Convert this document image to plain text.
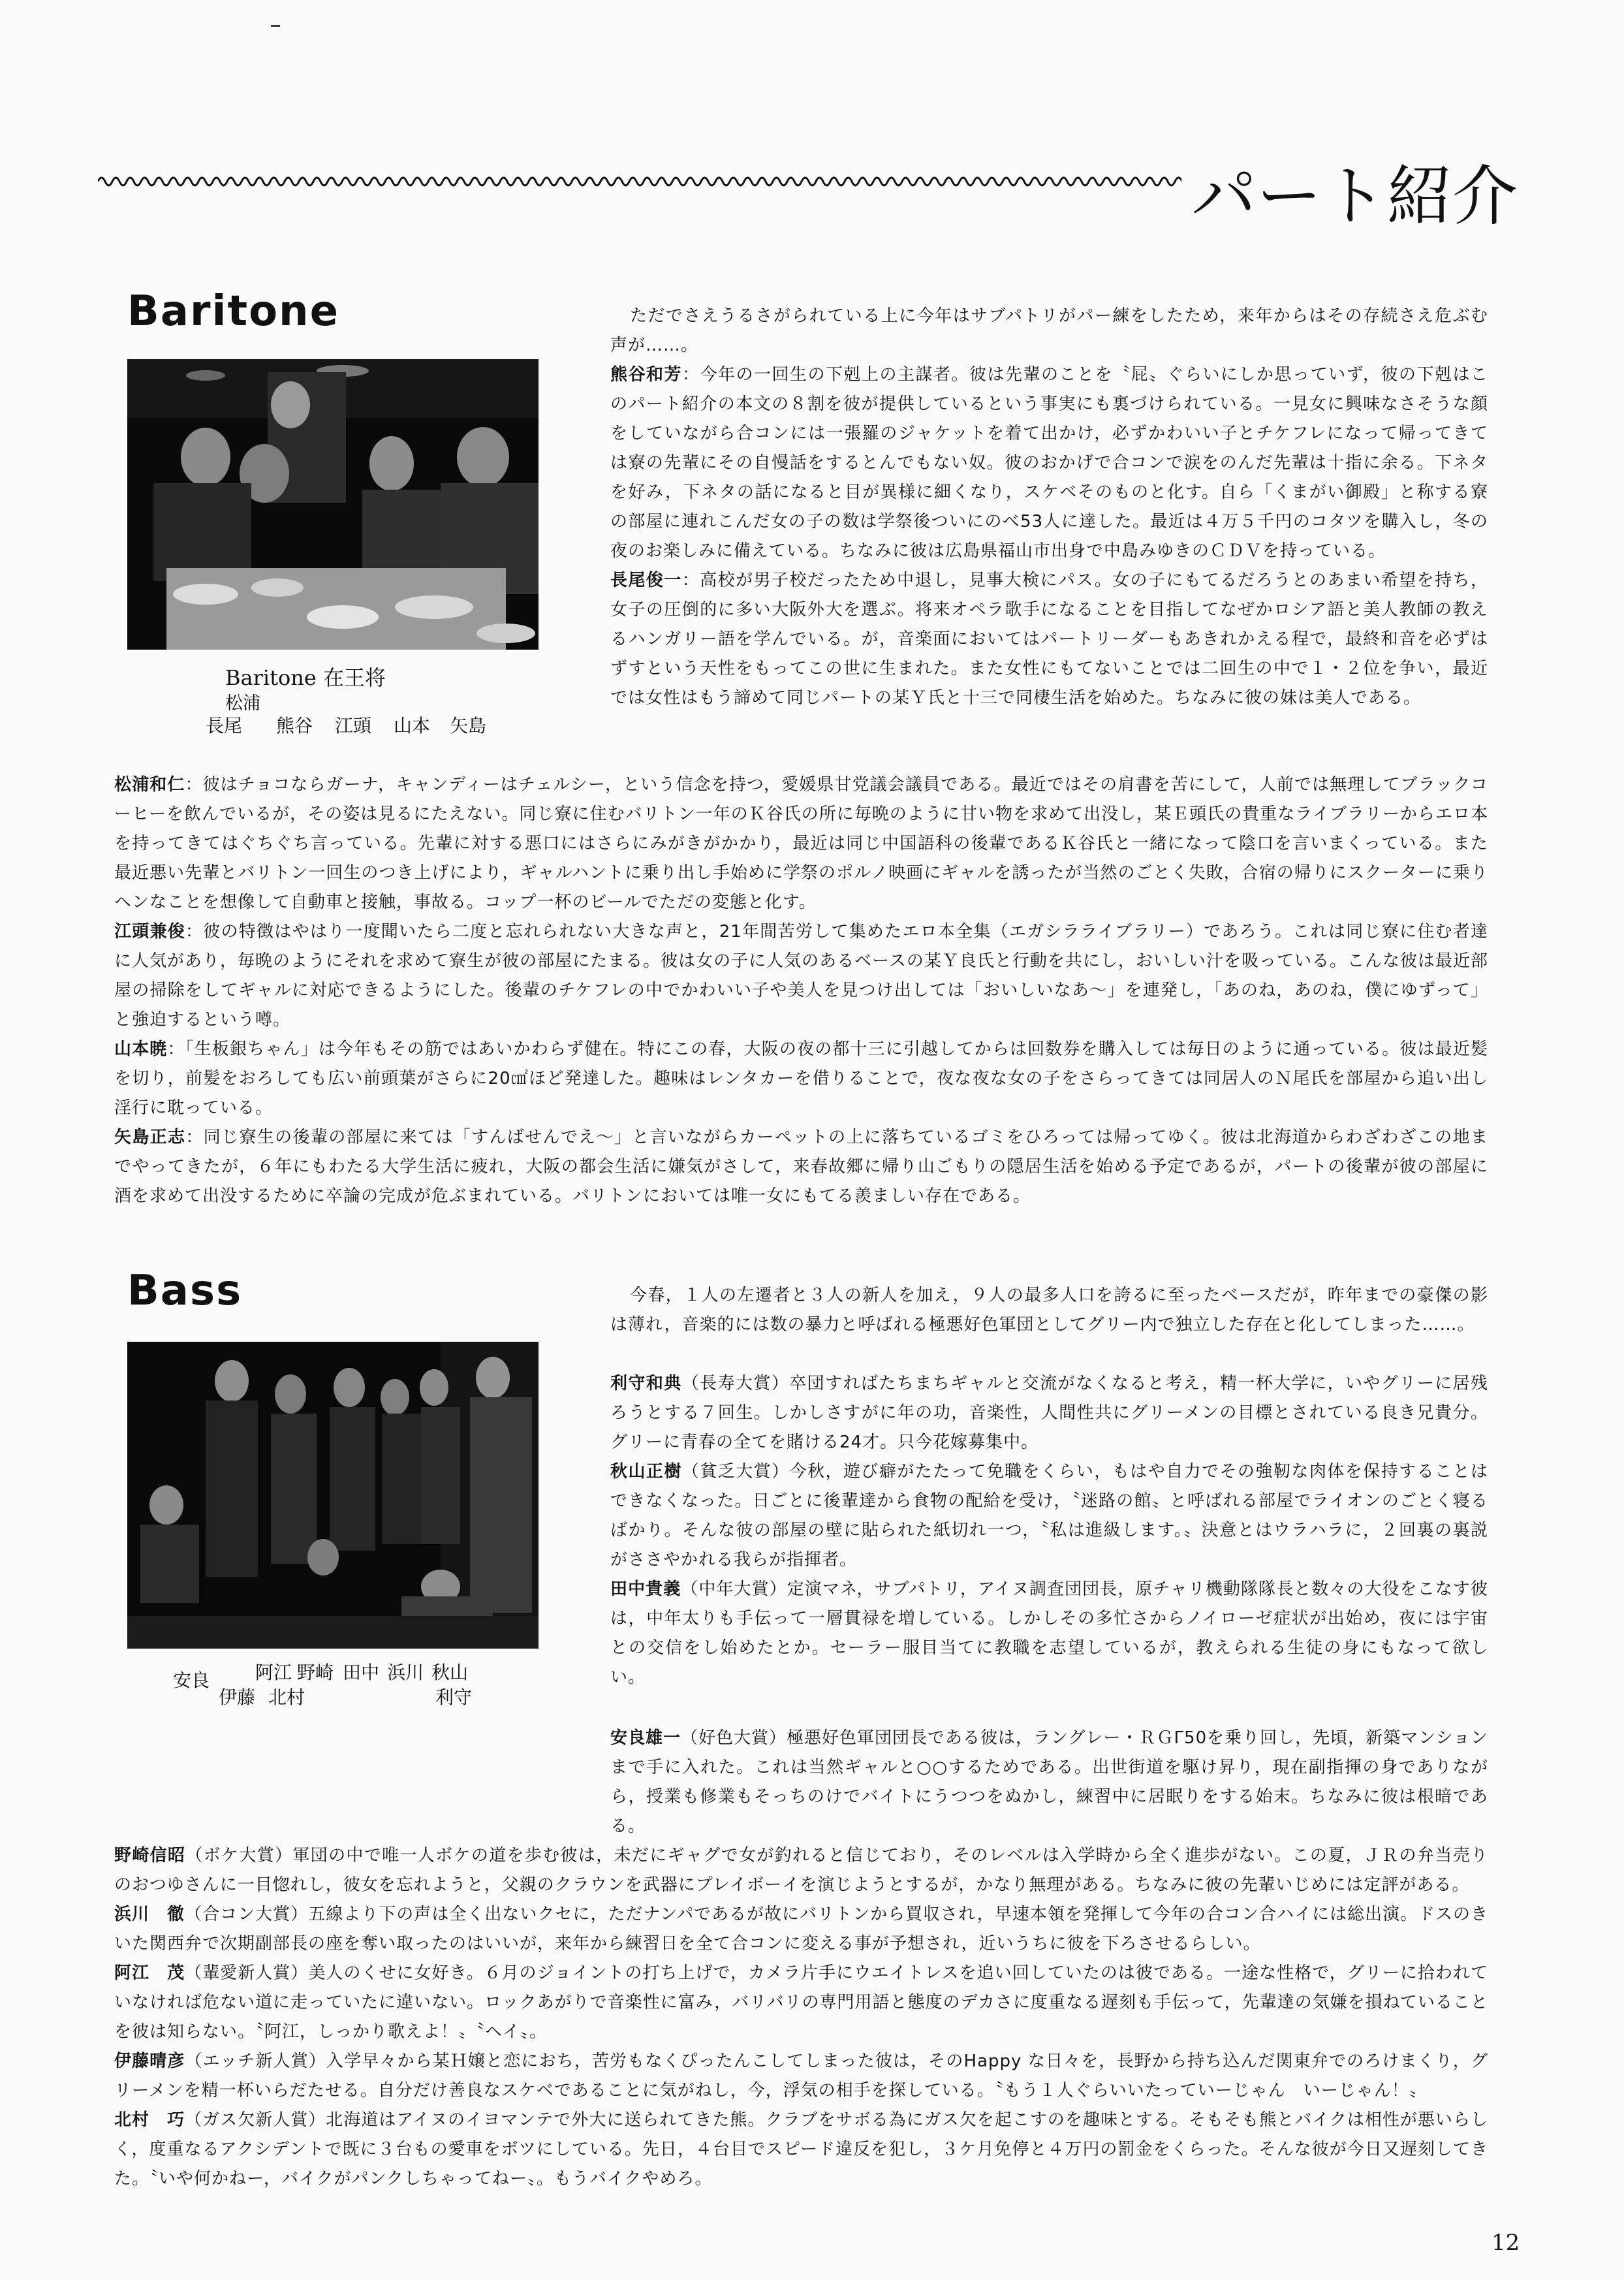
パート紹介
Baritone
Baritone 在王将
松浦
長尾 熊谷 江頭 山本 矢島

ただでさえうるさがられている上に今年はサブパトリがパー練をしたため，来年からはその存続さえ危ぶむ声が……。

熊谷和芳：今年の一回生の下剋上の主謀者。彼は先輩のことを〝屁〟ぐらいにしか思っていず，彼の下剋はこのパート紹介の本文の８割を彼が提供しているという事実にも裏づけられている。一見女に興味なさそうな顔をしていながら合コンには一張羅のジャケットを着て出かけ，必ずかわいい子とチケフレになって帰ってきては寮の先輩にその自慢話をするとんでもない奴。彼のおかげで合コンで涙をのんだ先輩は十指に余る。下ネタを好み，下ネタの話になると目が異様に細くなり，スケベそのものと化す。自ら「くまがい御殿」と称する寮の部屋に連れこんだ女の子の数は学祭後ついにのべ53人に達した。最近は４万５千円のコタツを購入し，冬の夜のお楽しみに備えている。ちなみに彼は広島県福山市出身で中島みゆきのＣＤＶを持っている。
長尾俊一：高校が男子校だったため中退し，見事大検にパス。女の子にもてるだろうとのあまい希望を持ち，女子の圧倒的に多い大阪外大を選ぶ。将来オペラ歌手になることを目指してなぜかロシア語と美人教師の教えるハンガリー語を学んでいる。が，音楽面においてはパートリーダーもあきれかえる程で，最終和音を必ずはずすという天性をもってこの世に生まれた。また女性にもてないことでは二回生の中で１・２位を争い，最近では女性はもう諦めて同じパートの某Ｙ氏と十三で同棲生活を始めた。ちなみに彼の妹は美人である。
松浦和仁：彼はチョコならガーナ，キャンディーはチェルシー，という信念を持つ，愛媛県甘党議会議員である。最近ではその肩書を苦にして，人前では無理してブラックコーヒーを飲んでいるが，その姿は見るにたえない。同じ寮に住むバリトン一年のＫ谷氏の所に毎晩のように甘い物を求めて出没し，某Ｅ頭氏の貴重なライブラリーからエロ本を持ってきてはぐちぐち言っている。先輩に対する悪口にはさらにみがきがかかり，最近は同じ中国語科の後輩であるＫ谷氏と一緒になって陰口を言いまくっている。また最近悪い先輩とバリトン一回生のつき上げにより，ギャルハントに乗り出し手始めに学祭のポルノ映画にギャルを誘ったが当然のごとく失敗，合宿の帰りにスクーターに乗りヘンなことを想像して自動車と接触，事故る。コップ一杯のビールでただの変態と化す。
江頭兼俊：彼の特徴はやはり一度聞いたら二度と忘れられない大きな声と，21年間苦労して集めたエロ本全集（エガシラライブラリー）であろう。これは同じ寮に住む者達に人気があり，毎晩のようにそれを求めて寮生が彼の部屋にたまる。彼は女の子に人気のあるベースの某Ｙ良氏と行動を共にし，おいしい汁を吸っている。こんな彼は最近部屋の掃除をしてギャルに対応できるようにした。後輩のチケフレの中でかわいい子や美人を見つけ出しては「おいしいなあ～」を連発し，「あのね，あのね，僕にゆずって」と強迫するという噂。
山本暁：「生板銀ちゃん」は今年もその筋ではあいかわらず健在。特にこの春，大阪の夜の都十三に引越してからは回数券を購入しては毎日のように通っている。彼は最近髪を切り，前髪をおろしても広い前頭葉がさらに20㎠ほど発達した。趣味はレンタカーを借りることで，夜な夜な女の子をさらってきては同居人のＮ尾氏を部屋から追い出し淫行に耽っている。
矢島正志：同じ寮生の後輩の部屋に来ては「すんばせんでえ～」と言いながらカーペットの上に落ちているゴミをひろっては帰ってゆく。彼は北海道からわざわざこの地までやってきたが，６年にもわたる大学生活に疲れ，大阪の都会生活に嫌気がさして，来春故郷に帰り山ごもりの隠居生活を始める予定であるが，パートの後輩が彼の部屋に酒を求めて出没するために卒論の完成が危ぶまれている。バリトンにおいては唯一女にもてる羨ましい存在である。
Bass
安良	阿江 野崎 田中 浜川 秋山
伊藤 北村	利守

今春，１人の左遷者と３人の新人を加え，９人の最多人口を誇るに至ったベースだが，昨年までの豪傑の影は薄れ，音楽的には数の暴力と呼ばれる極悪好色軍団としてグリー内で独立した存在と化してしまった……。

利守和典（長寿大賞）卒団すればたちまちギャルと交流がなくなると考え，精一杯大学に，いやグリーに居残ろうとする７回生。しかしさすがに年の功，音楽性，人間性共にグリーメンの目標とされている良き兄貴分。グリーに青春の全てを賭ける24才。只今花嫁募集中。
秋山正樹（貧乏大賞）今秋，遊び癖がたたって免職をくらい，もはや自力でその強靭な肉体を保持することはできなくなった。日ごとに後輩達から食物の配給を受け，〝迷路の館〟と呼ばれる部屋でライオンのごとく寝るばかり。そんな彼の部屋の壁に貼られた紙切れ一つ，〝私は進級します。〟決意とはウラハラに，２回裏の裏説がささやかれる我らが指揮者。
田中貴義（中年大賞）定演マネ，サブパトリ，アイヌ調査団団長，原チャリ機動隊隊長と数々の大役をこなす彼は，中年太りも手伝って一層貫禄を増している。しかしその多忙さからノイローゼ症状が出始め，夜には宇宙との交信をし始めたとか。セーラー服目当てに教職を志望しているが，教えられる生徒の身にもなって欲しい。
安良雄一（好色大賞）極悪好色軍団団長である彼は，ラングレー・ＲＧΓ50を乗り回し，先頃，新築マンションまで手に入れた。これは当然ギャルと○○するためである。出世街道を駆け昇り，現在副指揮の身でありながら，授業も修業もそっちのけでバイトにうつつをぬかし，練習中に居眠りをする始末。ちなみに彼は根暗である。
野崎信昭（ボケ大賞）軍団の中で唯一人ボケの道を歩む彼は，未だにギャグで女が釣れると信じており，そのレベルは入学時から全く進歩がない。この夏，ＪＲの弁当売りのおつゆさんに一目惚れし，彼女を忘れようと，父親のクラウンを武器にプレイボーイを演じようとするが，かなり無理がある。ちなみに彼の先輩いじめには定評がある。
浜川　徹（合コン大賞）五線より下の声は全く出ないクセに，ただナンパであるが故にバリトンから買収され，早速本領を発揮して今年の合コン合ハイには総出演。ドスのきいた関西弁で次期副部長の座を奪い取ったのはいいが，来年から練習日を全て合コンに変える事が予想され，近いうちに彼を下ろさせるらしい。
阿江　茂（輩愛新人賞）美人のくせに女好き。６月のジョイントの打ち上げで，カメラ片手にウエイトレスを追い回していたのは彼である。一途な性格で，グリーに拾われていなければ危ない道に走っていたに違いない。ロックあがりで音楽性に富み，バリバリの専門用語と態度のデカさに度重なる遅刻も手伝って，先輩達の気嫌を損ねていることを彼は知らない。〝阿江，しっかり歌えよ！〟〝ヘイ〟。
伊藤晴彦（エッチ新人賞）入学早々から某Ｈ嬢と恋におち，苦労もなくぴったんこしてしまった彼は，そのHappy な日々を，長野から持ち込んだ関東弁でのろけまくり，グリーメンを精一杯いらだたせる。自分だけ善良なスケベであることに気がねし，今，浮気の相手を探している。〝もう１人ぐらいいたっていーじゃん　いーじゃん！〟
北村　巧（ガス欠新人賞）北海道はアイヌのイヨマンテで外大に送られてきた熊。クラブをサボる為にガス欠を起こすのを趣味とする。そもそも熊とバイクは相性が悪いらしく，度重なるアクシデントで既に３台もの愛車をボツにしている。先日，４台目でスピード違反を犯し，３ケ月免停と４万円の罰金をくらった。そんな彼が今日又遅刻してきた。〝いや何かねー，バイクがパンクしちゃってねー〟。もうバイクやめろ。
12
